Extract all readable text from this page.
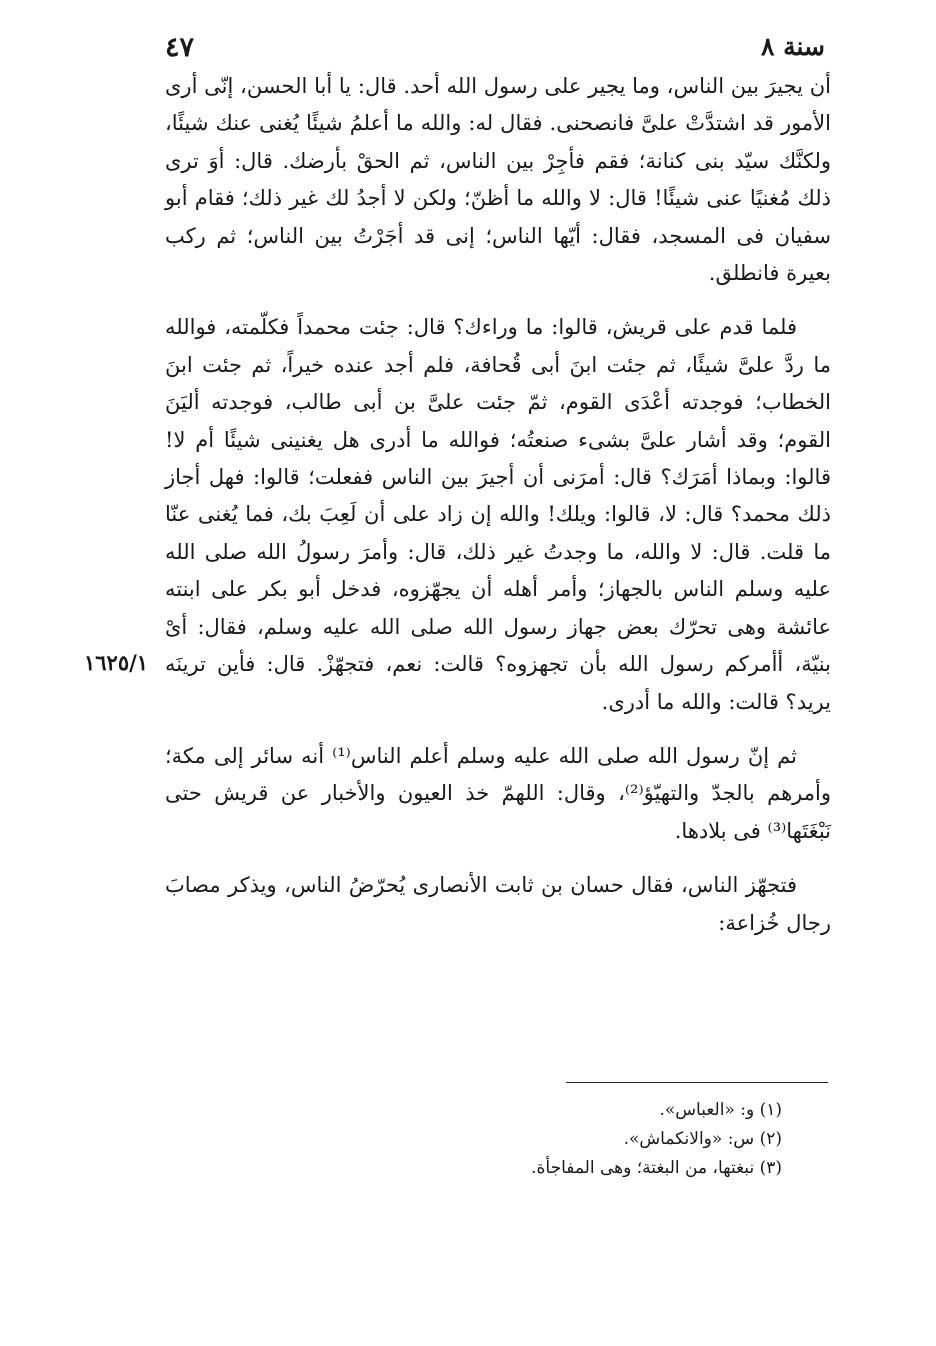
سنة ٨
٤٧

أن يجيرَ بين الناس، وما يجير على رسول الله أحد. قال: يا أبا الحسن، إنّى أرى الأمور قد اشتدَّتْ علىَّ فانصحنى. فقال له: والله ما أعلمُ شيئًا يُغنى عنك شيئًا، ولكنَّك سيّد بنى كنانة؛ فقم فأجِرْ بين الناس، ثم الحقْ بأرضك. قال: أوَ ترى ذلك مُغنيًا عنى شيئًا! قال: لا والله ما أظنّ؛ ولكن لا أجدُ لك غير ذلك؛ فقام أبو سفيان فى المسجد، فقال: أيّها الناس؛ إنى قد أجَرْتُ بين الناس؛ ثم ركب بعيرة فانطلق.

فلما قدم على قريش، قالوا: ما وراءك؟ قال: جئت محمداً فكلّمته، فوالله ما ردَّ علىَّ شيئًا، ثم جئت ابنَ أبى قُحافة، فلم أجد عنده خيراً، ثم جئت ابنَ الخطاب؛ فوجدته أعْدَى القوم، ثمّ جئت علىَّ بن أبى طالب، فوجدته أليَنَ القوم؛ وقد أشار علىَّ بشىء صنعتُه؛ فوالله ما أدرى هل يغنينى شيئًا أم لا! قالوا: وبماذا أمَرَك؟ قال: أمرَنى أن أجيرَ بين الناس ففعلت؛ قالوا: فهل أجاز ذلك محمد؟ قال: لا، قالوا: ويلك! والله إن زاد على أن لَعِبَ بك، فما يُغنى عنّا ما قلت. قال: لا والله، ما وجدتُ غير ذلك، قال: وأمرَ رسولُ الله صلى الله عليه وسلم الناس بالجهاز؛ وأمر أهله أن يجهّزوه، فدخل أبو بكر على ابنته عائشة وهى تحرّك بعض جهاز رسول الله صلى الله عليه وسلم، فقال: أىْ بنيّة، أأمركم رسول الله بأن تجهزوه؟ قالت: نعم، فتجهّزْ. قال: فأين ترينَه يريد؟ قالت: والله ما أدرى.

ثم إنّ رسول الله صلى الله عليه وسلم أعلم الناس⁽¹⁾ أنه سائر إلى مكة؛ وأمرهم بالجدّ والتهيّؤ⁽²⁾، وقال: اللهمّ خذ العيون والأخبار عن قريش حتى نَبْغَتَها⁽³⁾ فى بلادها.

فتجهّز الناس، فقال حسان بن ثابت الأنصارى يُحرّضُ الناس، ويذكر مصابَ رجال خُزاعة:

١٦٢٥/١

(١) و: «العباس».

(٢) س: «والانكماش».

(٣) نبغتها، من البغتة؛ وهى المفاجأة.
